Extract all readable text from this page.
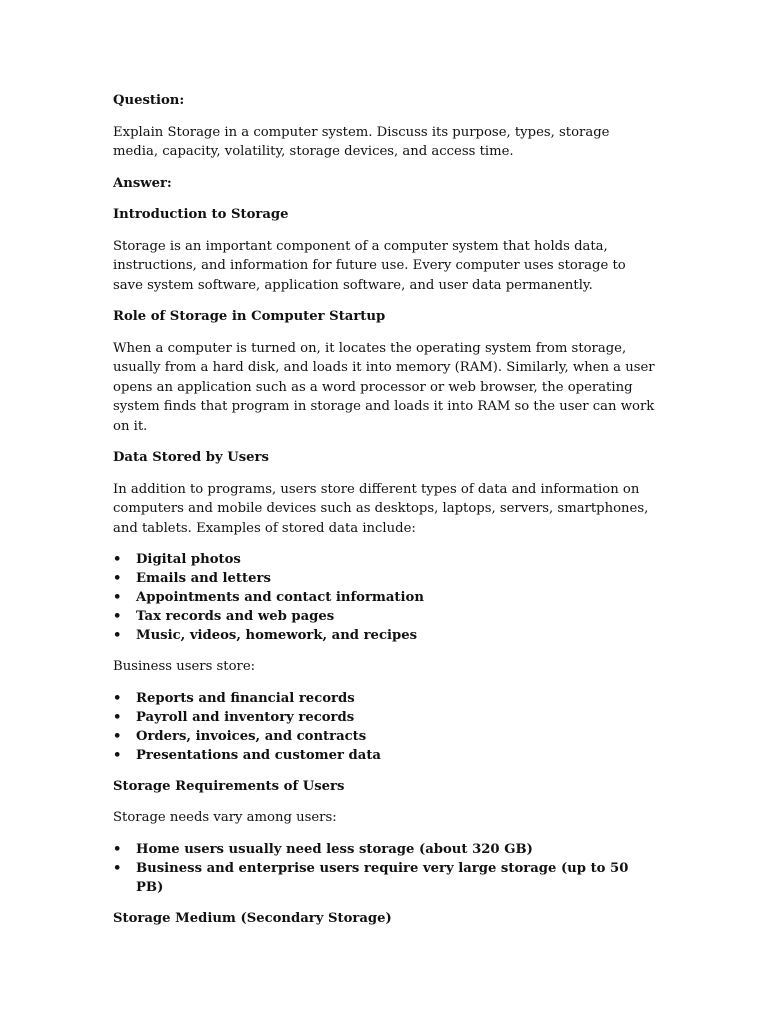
Question:
Explain Storage in a computer system. Discuss its purpose, types, storage media, capacity, volatility, storage devices, and access time.
Answer:
Introduction to Storage
Storage is an important component of a computer system that holds data, instructions, and information for future use. Every computer uses storage to save system software, application software, and user data permanently.
Role of Storage in Computer Startup
When a computer is turned on, it locates the operating system from storage, usually from a hard disk, and loads it into memory (RAM). Similarly, when a user opens an application such as a word processor or web browser, the operating system finds that program in storage and loads it into RAM so the user can work on it.
Data Stored by Users
In addition to programs, users store different types of data and information on computers and mobile devices such as desktops, laptops, servers, smartphones, and tablets. Examples of stored data include:
• Digital photos
• Emails and letters
• Appointments and contact information
• Tax records and web pages
• Music, videos, homework, and recipes
Business users store:
• Reports and financial records
• Payroll and inventory records
• Orders, invoices, and contracts
• Presentations and customer data
Storage Requirements of Users
Storage needs vary among users:
• Home users usually need less storage (about 320 GB)
• Business and enterprise users require very large storage (up to 50 PB)
Storage Medium (Secondary Storage)
